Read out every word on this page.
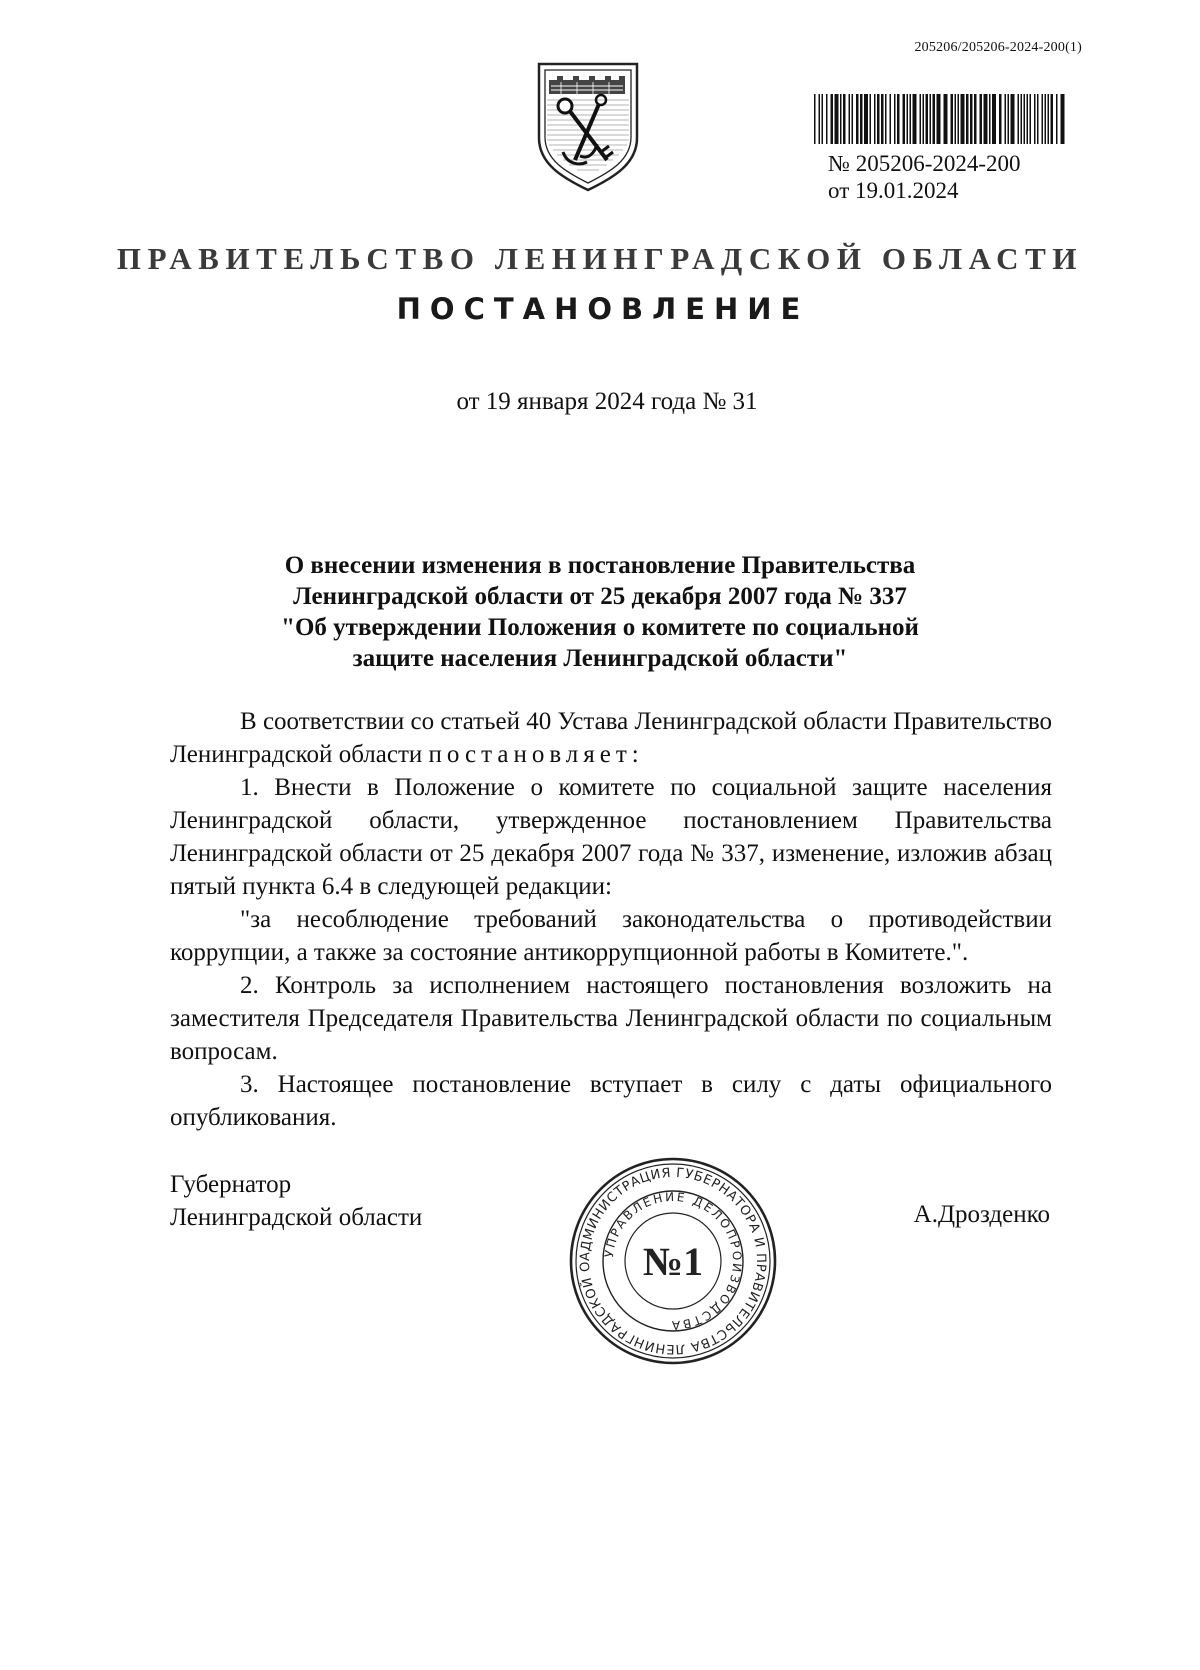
205206/205206-2024-200(1)
№ 205206-2024-200
от 19.01.2024
ПРАВИТЕЛЬСТВО ЛЕНИНГРАДСКОЙ ОБЛАСТИ
ПОСТАНОВЛЕНИЕ
от 19 января 2024 года № 31
О внесении изменения в постановление Правительства
Ленинградской области от 25 декабря 2007 года № 337
"Об утверждении Положения о комитете по социальной
защите населения Ленинградской области"

В соответствии со статьей 40 Устава Ленинградской области Правительство Ленинградской области постановляет:

1. Внести в Положение о комитете по социальной защите населения Ленинградской области, утвержденное постановлением Правительства Ленинградской области от 25 декабря 2007 года № 337, изменение, изложив абзац пятый пункта 6.4 в следующей редакции:

"за несоблюдение требований законодательства о противодействии коррупции, а также за состояние антикоррупционной работы в Комитете.".

2. Контроль за исполнением настоящего постановления возложить на заместителя Председателя Правительства Ленинградской области по социальным вопросам.

3. Настоящее постановление вступает в силу с даты официального опубликования.

Губернатор
Ленинградской области	А.Дрозденко
АДМИНИСТРАЦИЯ ГУБЕРНАТОРА И ПРАВИТЕЛЬСТВА ЛЕНИНГРАДСКОЙ О
УПРАВЛЕНИЕ ДЕЛОПРОИЗВОДСТВА
№1
